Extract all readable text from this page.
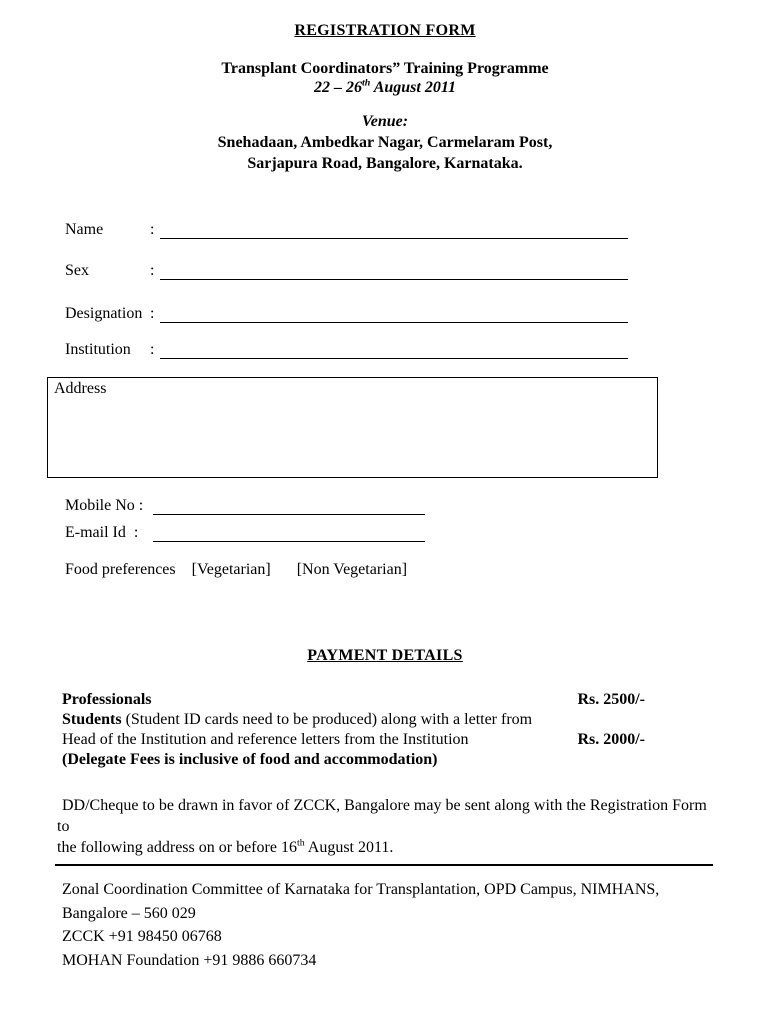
REGISTRATION FORM
Transplant Coordinators” Training Programme
22 – 26th August 2011
Venue:
Snehadaan, Ambedkar Nagar, Carmelaram Post,
Sarjapura Road, Bangalore, Karnataka.
Name	:
Sex	:
Designation :
Institution	:
Address
Mobile No :
E-mail Id  :
Food preferences [Vegetarian] [Non Vegetarian]
PAYMENT DETAILS
Professionals	Rs. 2500/-
Students (Student ID cards need to be produced) along with a letter from
Head of the Institution and reference letters from the Institution	Rs. 2000/-
(Delegate Fees is inclusive of food and accommodation)
DD/Cheque to be drawn in favor of ZCCK, Bangalore may be sent along with the Registration Form to
the following address on or before 16th August 2011.
Zonal Coordination Committee of Karnataka for Transplantation, OPD Campus, NIMHANS,
Bangalore – 560 029
ZCCK +91 98450 06768
MOHAN Foundation +91 9886 660734
